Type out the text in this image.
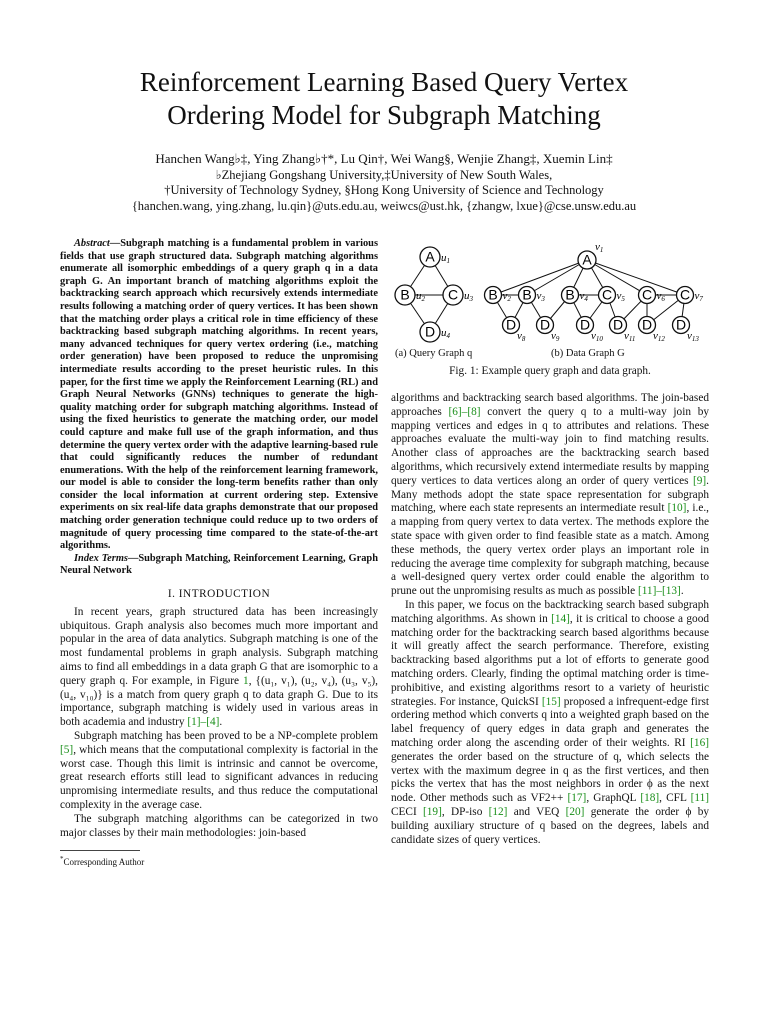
Reinforcement Learning Based Query Vertex
Ordering Model for Subgraph Matching
Hanchen Wang♭‡, Ying Zhang♭†*, Lu Qin†, Wei Wang§, Wenjie Zhang‡, Xuemin Lin‡
♭Zhejiang Gongshang University,‡University of New South Wales,
†University of Technology Sydney, §Hong Kong University of Science and Technology
{hanchen.wang, ying.zhang, lu.qin}@uts.edu.au, weiwcs@ust.hk, {zhangw, lxue}@cse.unsw.edu.au

Abstract—Subgraph matching is a fundamental problem in various fields that use graph structured data. Subgraph matching algorithms enumerate all isomorphic embeddings of a query graph q in a data graph G. An important branch of matching algorithms exploit the backtracking search approach which recursively extends intermediate results following a matching order of query vertices. It has been shown that the matching order plays a critical role in time efficiency of these backtracking based subgraph matching algorithms. In recent years, many advanced techniques for query vertex ordering (i.e., matching order generation) have been proposed to reduce the unpromising intermediate results according to the preset heuristic rules. In this paper, for the first time we apply the Reinforcement Learning (RL) and Graph Neural Networks (GNNs) techniques to generate the high-quality matching order for subgraph matching algorithms. Instead of using the fixed heuristics to generate the matching order, our model could capture and make full use of the graph information, and thus determine the query vertex order with the adaptive learning-based rule that could significantly reduces the number of redundant enumerations. With the help of the reinforcement learning framework, our model is able to consider the long-term benefits rather than only consider the local information at current ordering step. Extensive experiments on six real-life data graphs demonstrate that our proposed matching order generation technique could reduce up to two orders of magnitude of query processing time compared to the state-of-the-art algorithms.

Index Terms—Subgraph Matching, Reinforcement Learning, Graph Neural Network

I. INTRODUCTION

In recent years, graph structured data has been increasingly ubiquitous. Graph analysis also becomes much more important and popular in the area of data analytics. Subgraph matching is one of the most fundamental problems in graph analysis. Subgraph matching aims to find all embeddings in a data graph G that are isomorphic to a query graph q. For example, in Figure 1, {(u₁, v₁), (u₂, v₄), (u₃, v₅), (u₄, v₁₀)} is a match from query graph q to data graph G. Due to its importance, subgraph matching is widely used in various areas in both academia and industry [1]–[4].

Subgraph matching has been proved to be a NP-complete problem [5], which means that the computational complexity is factorial in the worst case. Though this limit is intrinsic and cannot be overcome, great research efforts still lead to significant advances in reducing unpromising intermediate results, and thus reduce the computational complexity in the average case.

The subgraph matching algorithms can be categorized in two major classes by their main methodologies: join-based

*Corresponding Author
A u1
B u2 C u3
D u4
A
v1
B v2 B v3 B v4 C v5 C v6 C v7
D
v8
D
v9
D
v10
D
v11
D
v12
D
v13
(a) Query Graph q	(b) Data Graph G
Fig. 1: Example query graph and data graph.

algorithms and backtracking search based algorithms. The join-based approaches [6]–[8] convert the query q to a multi-way join by mapping vertices and edges in q to attributes and relations. These approaches evaluate the multi-way join to find matching results. Another class of approaches are the backtracking search based algorithms, which recursively extend intermediate results by mapping query vertices to data vertices along an order of query vertices [9]. Many methods adopt the state space representation for subgraph matching, where each state represents an intermediate result [10], i.e., a mapping from query vertex to data vertex. The methods explore the state space with given order to find feasible state as a match. Among these methods, the query vertex order plays an important role in reducing the average time complexity for subgraph matching, because a well-designed query vertex order could enable the algorithm to prune out the unpromising results as much as possible [11]–[13].

In this paper, we focus on the backtracking search based subgraph matching algorithms. As shown in [14], it is critical to choose a good matching order for the backtracking search based algorithms because it will greatly affect the search performance. Therefore, existing backtracking based algorithms put a lot of efforts to generate good matching orders. Clearly, finding the optimal matching order is time-prohibitive, and existing algorithms resort to a variety of heuristic strategies. For instance, QuickSI [15] proposed a infrequent-edge first ordering method which converts q into a weighted graph based on the label frequency of query edges in data graph and generates the matching order along the ascending order of their weights. RI [16] generates the order based on the structure of q, which selects the vertex with the maximum degree in q as the first vertices, and then picks the vertex that has the most neighbors in order ϕ as the next node. Other methods such as VF2++ [17], GraphQL [18], CFL [11] CECI [19], DP-iso [12] and VEQ [20] generate the order ϕ by building auxiliary structure of q based on the degrees, labels and candidate sizes of query vertices.
